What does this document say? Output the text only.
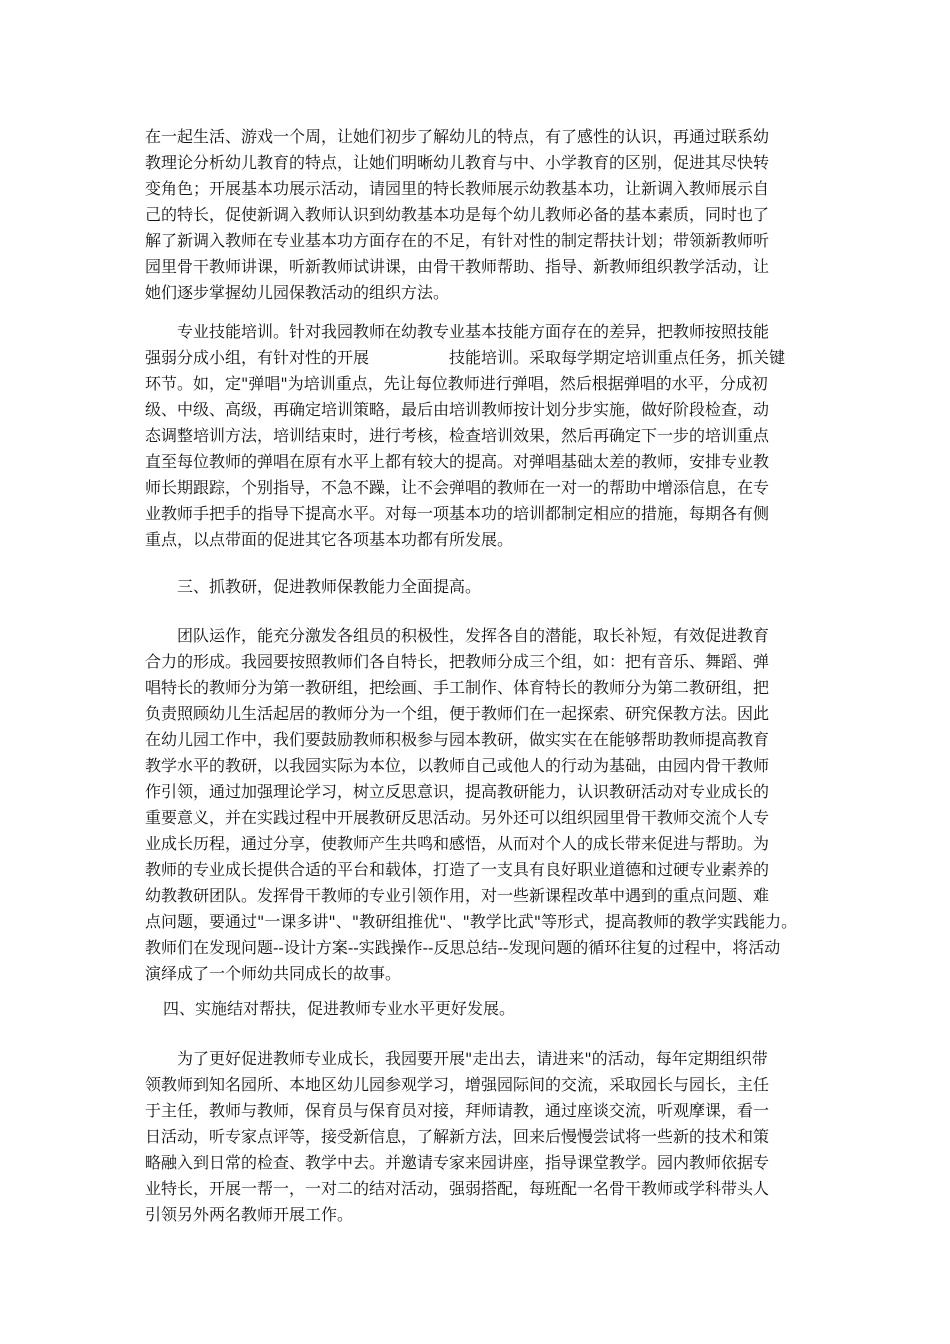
在一起生活、游戏一个周，让她们初步了解幼儿的特点，有了感性的认识，再通过联系幼
教理论分析幼儿教育的特点，让她们明晰幼儿教育与中、小学教育的区别，促进其尽快转
变角色；开展基本功展示活动，请园里的特长教师展示幼教基本功，让新调入教师展示自
己的特长，促使新调入教师认识到幼教基本功是每个幼儿教师必备的基本素质，同时也了
解了新调入教师在专业基本功方面存在的不足，有针对性的制定帮扶计划；带领新教师听
园里骨干教师讲课，听新教师试讲课，由骨干教师帮助、指导、新教师组织教学活动，让
她们逐步掌握幼儿园保教活动的组织方法。
专业技能培训。针对我园教师在幼教专业基本技能方面存在的差异，把教师按照技能
强弱分成小组，有针对性的开展　　　　　技能培训。采取每学期定培训重点任务，抓关键
环节。如，定"弹唱"为培训重点，先让每位教师进行弹唱，然后根据弹唱的水平，分成初
级、中级、高级，再确定培训策略，最后由培训教师按计划分步实施，做好阶段检查，动
态调整培训方法，培训结束时，进行考核，检查培训效果，然后再确定下一步的培训重点
直至每位教师的弹唱在原有水平上都有较大的提高。对弹唱基础太差的教师，安排专业教
师长期跟踪，个别指导，不急不躁，让不会弹唱的教师在一对一的帮助中增添信息，在专
业教师手把手的指导下提高水平。对每一项基本功的培训都制定相应的措施，每期各有侧
重点，以点带面的促进其它各项基本功都有所发展。
三、抓教研，促进教师保教能力全面提高。
团队运作，能充分激发各组员的积极性，发挥各自的潜能，取长补短，有效促进教育
合力的形成。我园要按照教师们各自特长，把教师分成三个组，如：把有音乐、舞蹈、弹
唱特长的教师分为第一教研组，把绘画、手工制作、体育特长的教师分为第二教研组，把
负责照顾幼儿生活起居的教师分为一个组，便于教师们在一起探索、研究保教方法。因此
在幼儿园工作中，我们要鼓励教师积极参与园本教研，做实实在在能够帮助教师提高教育
教学水平的教研，以我园实际为本位，以教师自己或他人的行动为基础，由园内骨干教师
作引领，通过加强理论学习，树立反思意识，提高教研能力，认识教研活动对专业成长的
重要意义，并在实践过程中开展教研反思活动。另外还可以组织园里骨干教师交流个人专
业成长历程，通过分享，使教师产生共鸣和感悟，从而对个人的成长带来促进与帮助。为
教师的专业成长提供合适的平台和载体，打造了一支具有良好职业道德和过硬专业素养的
幼教教研团队。发挥骨干教师的专业引领作用，对一些新课程改革中遇到的重点问题、难
点问题，要通过"一课多讲"、"教研组推优"、"教学比武"等形式，提高教师的教学实践能力。
教师们在发现问题--设计方案--实践操作--反思总结--发现问题的循环往复的过程中，将活动
演绎成了一个师幼共同成长的故事。
四、实施结对帮扶，促进教师专业水平更好发展。
为了更好促进教师专业成长，我园要开展"走出去，请进来"的活动，每年定期组织带
领教师到知名园所、本地区幼儿园参观学习，增强园际间的交流，采取园长与园长，主任
于主任，教师与教师，保育员与保育员对接，拜师请教，通过座谈交流，听观摩课，看一
日活动，听专家点评等，接受新信息，了解新方法，回来后慢慢尝试将一些新的技术和策
略融入到日常的检查、教学中去。并邀请专家来园讲座，指导课堂教学。园内教师依据专
业特长，开展一帮一，一对二的结对活动，强弱搭配，每班配一名骨干教师或学科带头人
引领另外两名教师开展工作。
